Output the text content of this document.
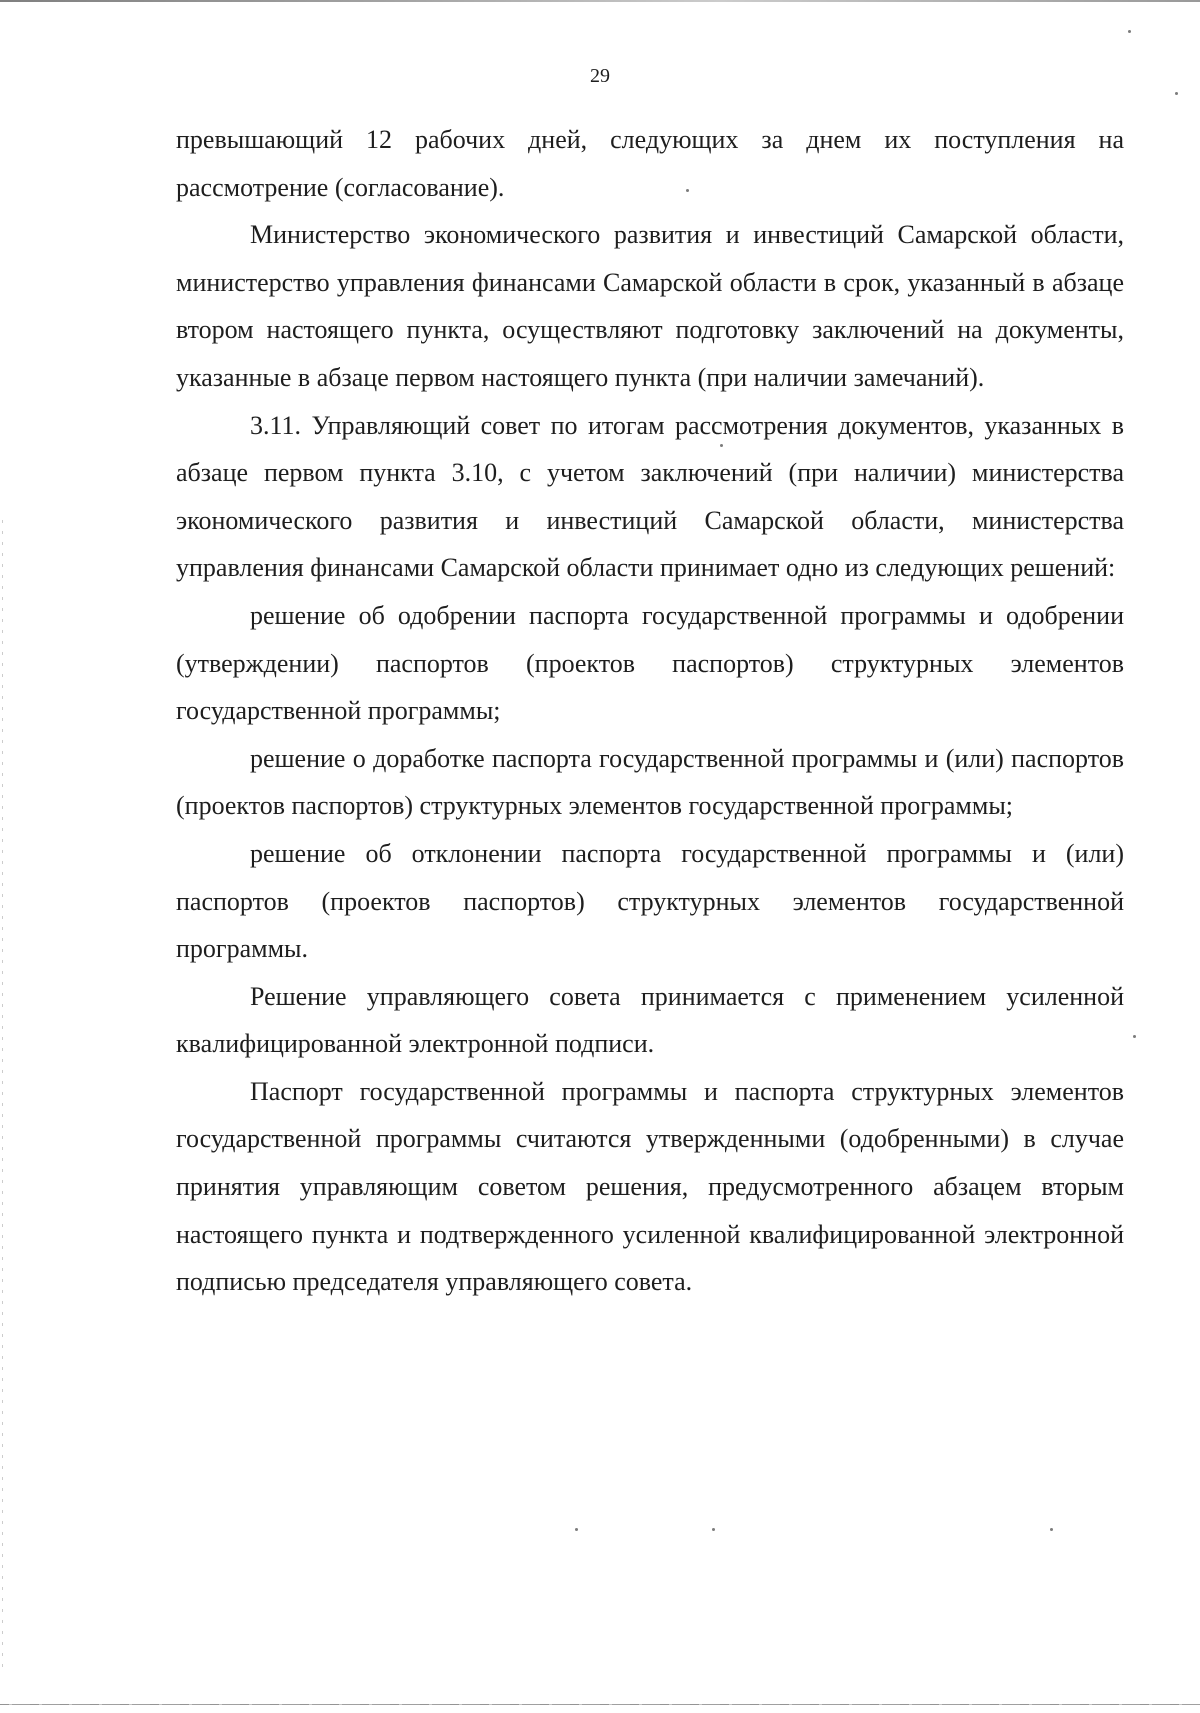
29

превышающий 12 рабочих дней, следующих за днем их поступления на рассмотрение (согласование).

Министерство экономического развития и инвестиций Самарской области, министерство управления финансами Самарской области в срок, указанный в абзаце втором настоящего пункта, осуществляют подготовку заключений на документы, указанные в абзаце первом настоящего пункта (при наличии замечаний).

3.11. Управляющий совет по итогам рассмотрения документов, указанных в абзаце первом пункта 3.10, с учетом заключений (при наличии) министерства экономического развития и инвестиций Самарской области, министерства управления финансами Самарской области принимает одно из следующих решений:

решение об одобрении паспорта государственной программы и одобрении (утверждении) паспортов (проектов паспортов) структурных элементов государственной программы;

решение о доработке паспорта государственной программы и (или) паспортов (проектов паспортов) структурных элементов государственной программы;

решение об отклонении паспорта государственной программы и (или) паспортов (проектов паспортов) структурных элементов государственной программы.

Решение управляющего совета принимается с применением усиленной квалифицированной электронной подписи.

Паспорт государственной программы и паспорта структурных элементов государственной программы считаются утвержденными (одобренными) в случае принятия управляющим советом решения, предусмотренного абзацем вторым настоящего пункта и подтвержденного усиленной квалифицированной электронной подписью председателя управляющего совета.
